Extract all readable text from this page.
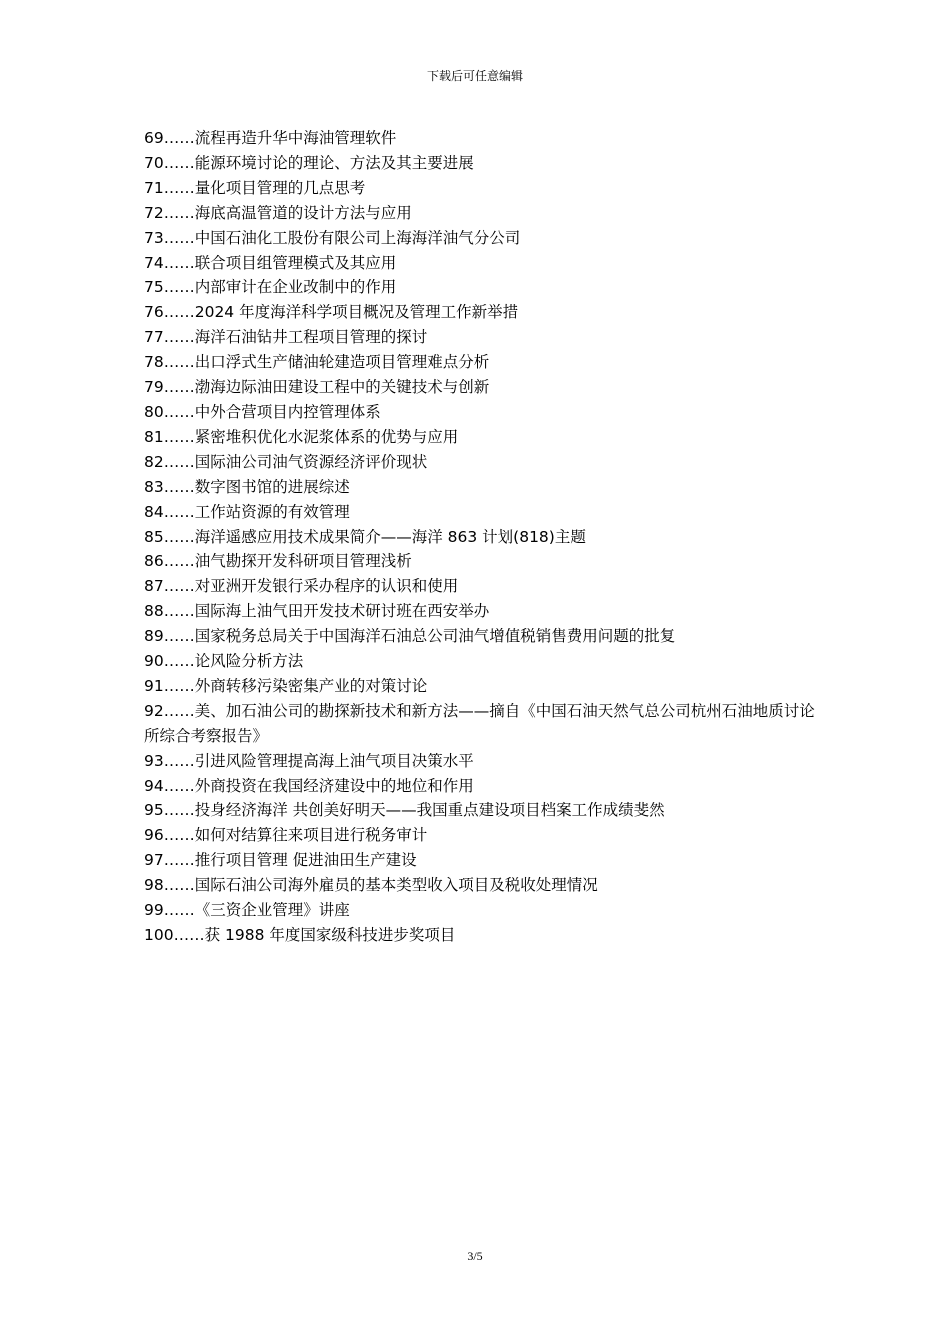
下载后可任意编辑
69……流程再造升华中海油管理软件
70……能源环境讨论的理论、方法及其主要进展
71……量化项目管理的几点思考
72……海底高温管道的设计方法与应用
73……中国石油化工股份有限公司上海海洋油气分公司
74……联合项目组管理模式及其应用
75……内部审计在企业改制中的作用
76……2024 年度海洋科学项目概况及管理工作新举措
77……海洋石油钻井工程项目管理的探讨
78……出口浮式生产储油轮建造项目管理难点分析
79……渤海边际油田建设工程中的关键技术与创新
80……中外合营项目内控管理体系
81……紧密堆积优化水泥浆体系的优势与应用
82……国际油公司油气资源经济评价现状
83……数字图书馆的进展综述
84……工作站资源的有效管理
85……海洋遥感应用技术成果简介——海洋 863 计划(818)主题
86……油气勘探开发科研项目管理浅析
87……对亚洲开发银行采办程序的认识和使用
88……国际海上油气田开发技术研讨班在西安举办
89……国家税务总局关于中国海洋石油总公司油气增值税销售费用问题的批复
90……论风险分析方法
91……外商转移污染密集产业的对策讨论
92……美、加石油公司的勘探新技术和新方法——摘自《中国石油天然气总公司杭州石油地质讨论所综合考察报告》
93……引进风险管理提高海上油气项目决策水平
94……外商投资在我国经济建设中的地位和作用
95……投身经济海洋 共创美好明天——我国重点建设项目档案工作成绩斐然
96……如何对结算往来项目进行税务审计
97……推行项目管理 促进油田生产建设
98……国际石油公司海外雇员的基本类型收入项目及税收处理情况
99……《三资企业管理》讲座
100……获 1988 年度国家级科技进步奖项目
3/5
